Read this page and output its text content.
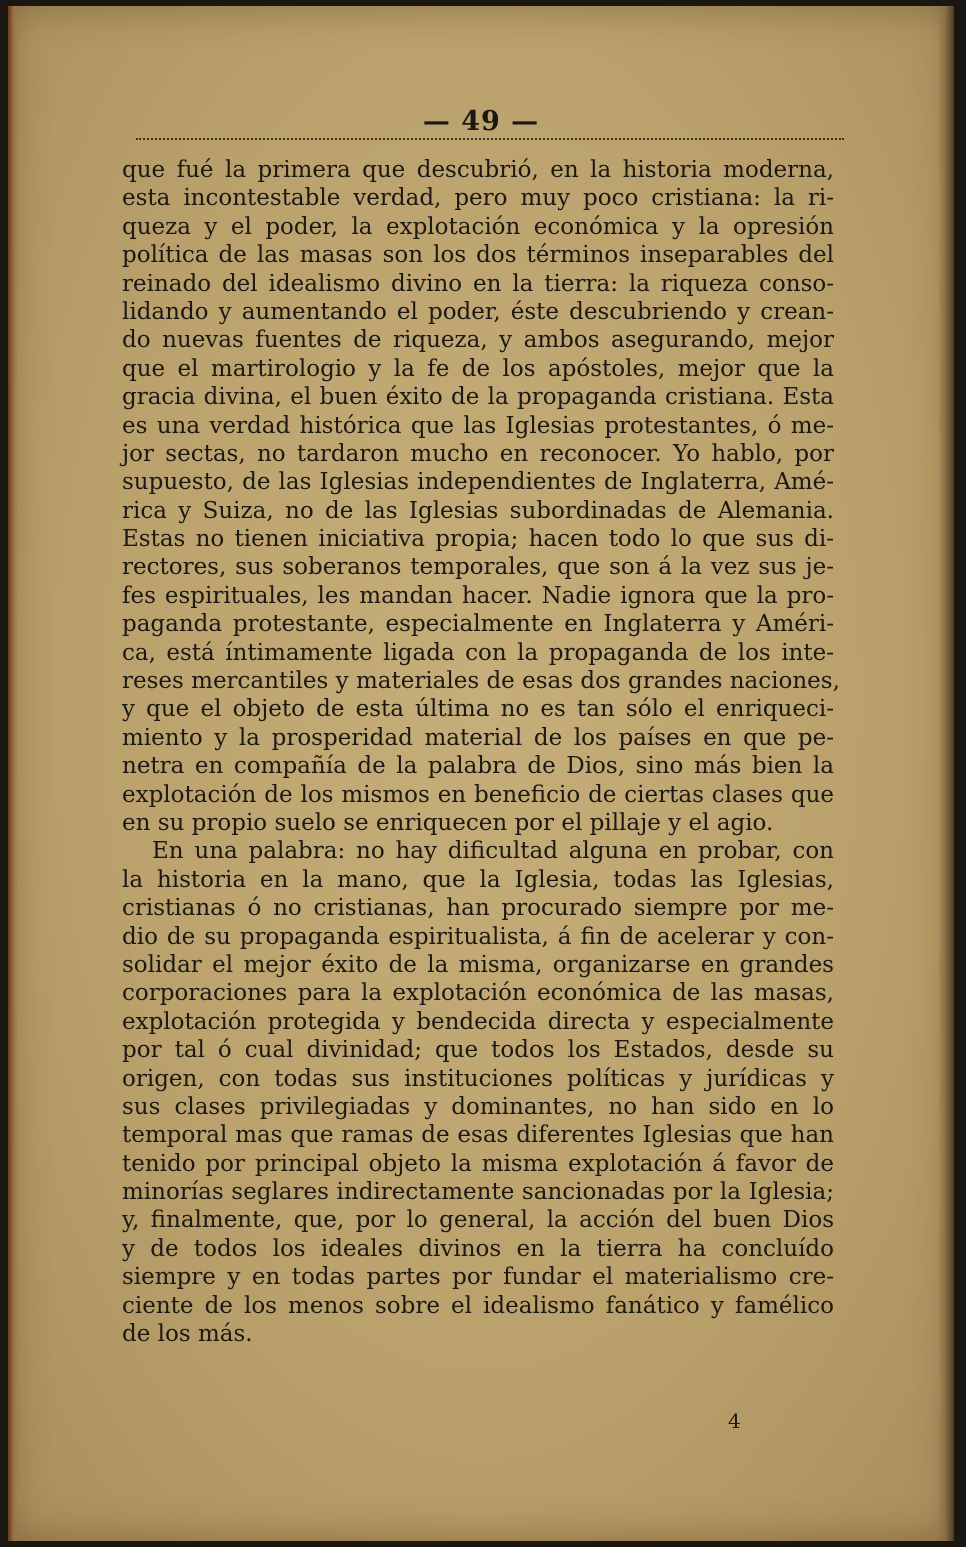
— 49 —
que fué la primera que descubrió, en la historia moderna,
esta incontestable verdad, pero muy poco cristiana: la ri-
queza y el poder, la explotación económica y la opresión
política de las masas son los dos términos inseparables del
reinado del idealismo divino en la tierra: la riqueza conso-
lidando y aumentando el poder, éste descubriendo y crean-
do nuevas fuentes de riqueza, y ambos asegurando, mejor
que el martirologio y la fe de los apóstoles, mejor que la
gracia divina, el buen éxito de la propaganda cristiana. Esta
es una verdad histórica que las Iglesias protestantes, ó me-
jor sectas, no tardaron mucho en reconocer. Yo hablo, por
supuesto, de las Iglesias independientes de Inglaterra, Amé-
rica y Suiza, no de las Iglesias subordinadas de Alemania.
Estas no tienen iniciativa propia; hacen todo lo que sus di-
rectores, sus soberanos temporales, que son á la vez sus je-
fes espirituales, les mandan hacer. Nadie ignora que la pro-
paganda protestante, especialmente en Inglaterra y Améri-
ca, está íntimamente ligada con la propaganda de los inte-
reses mercantiles y materiales de esas dos grandes naciones,
y que el objeto de esta última no es tan sólo el enriqueci-
miento y la prosperidad material de los países en que pe-
netra en compañía de la palabra de Dios, sino más bien la
explotación de los mismos en beneficio de ciertas clases que
en su propio suelo se enriquecen por el pillaje y el agio.
En una palabra: no hay dificultad alguna en probar, con
la historia en la mano, que la Iglesia, todas las Iglesias,
cristianas ó no cristianas, han procurado siempre por me-
dio de su propaganda espiritualista, á fin de acelerar y con-
solidar el mejor éxito de la misma, organizarse en grandes
corporaciones para la explotación económica de las masas,
explotación protegida y bendecida directa y especialmente
por tal ó cual divinidad; que todos los Estados, desde su
origen, con todas sus instituciones políticas y jurídicas y
sus clases privilegiadas y dominantes, no han sido en lo
temporal mas que ramas de esas diferentes Iglesias que han
tenido por principal objeto la misma explotación á favor de
minorías seglares indirectamente sancionadas por la Iglesia;
y, finalmente, que, por lo general, la acción del buen Dios
y de todos los ideales divinos en la tierra ha concluído
siempre y en todas partes por fundar el materialismo cre-
ciente de los menos sobre el idealismo fanático y famélico
de los más.
4
